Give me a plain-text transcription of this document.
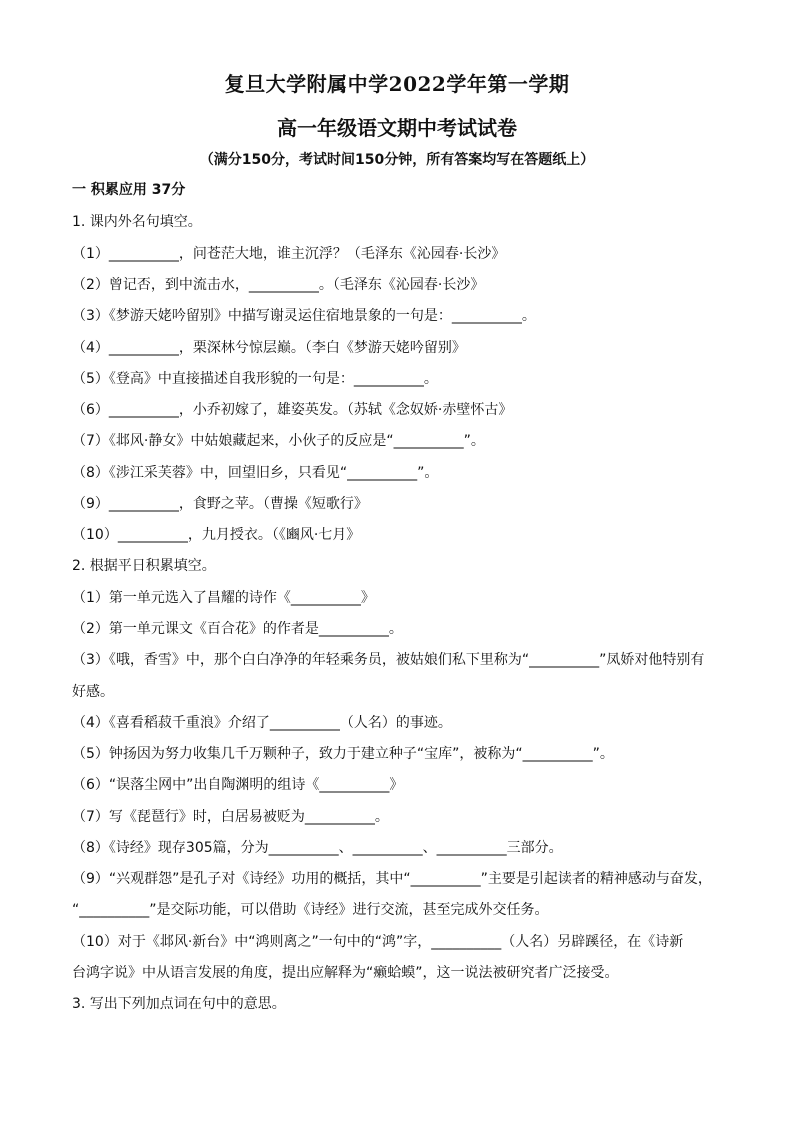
复旦大学附属中学2022学年第一学期
高一年级语文期中考试试卷
（满分150分，考试时间150分钟，所有答案均写在答题纸上）
一 积累应用 37分
1. 课内外名句填空。
（1）__________，问苍茫大地，谁主沉浮？（毛泽东《沁园春·长沙》
（2）曾记否，到中流击水，__________。（毛泽东《沁园春·长沙》
（3）《梦游天姥吟留别》中描写谢灵运住宿地景象的一句是：__________。
（4）__________，栗深林兮惊层巅。（李白《梦游天姥吟留别》
（5）《登高》中直接描述自我形貌的一句是：__________。
（6）__________，小乔初嫁了，雄姿英发。（苏轼《念奴娇·赤壁怀古》
（7）《邶风·静女》中姑娘藏起来，小伙子的反应是“__________”。
（8）《涉江采芙蓉》中，回望旧乡，只看见“__________”。
（9）__________，食野之苹。（曹操《短歌行》
（10）__________，九月授衣。（《豳风·七月》
2. 根据平日积累填空。
（1）第一单元选入了昌耀的诗作《__________》
（2）第一单元课文《百合花》的作者是__________。
（3）《哦，香雪》中，那个白白净净的年轻乘务员，被姑娘们私下里称为“__________”凤娇对他特别有
好感。
（4）《喜看稻菽千重浪》介绍了__________（人名）的事迹。
（5）钟扬因为努力收集几千万颗种子，致力于建立种子“宝库”，被称为“__________”。
（6）“误落尘网中”出自陶渊明的组诗《__________》
（7）写《琵琶行》时，白居易被贬为__________。
（8）《诗经》现存305篇，分为__________、__________、__________三部分。
（9）“兴观群怨”是孔子对《诗经》功用的概括，其中“__________”主要是引起读者的精神感动与奋发，
“__________”是交际功能，可以借助《诗经》进行交流，甚至完成外交任务。
（10）对于《邶风·新台》中“鸿则离之”一句中的“鸿”字，__________（人名）另辟蹊径，在《诗新
台鸿字说》中从语言发展的角度，提出应解释为“癞蛤蟆”，这一说法被研究者广泛接受。
3. 写出下列加点词在句中的意思。
